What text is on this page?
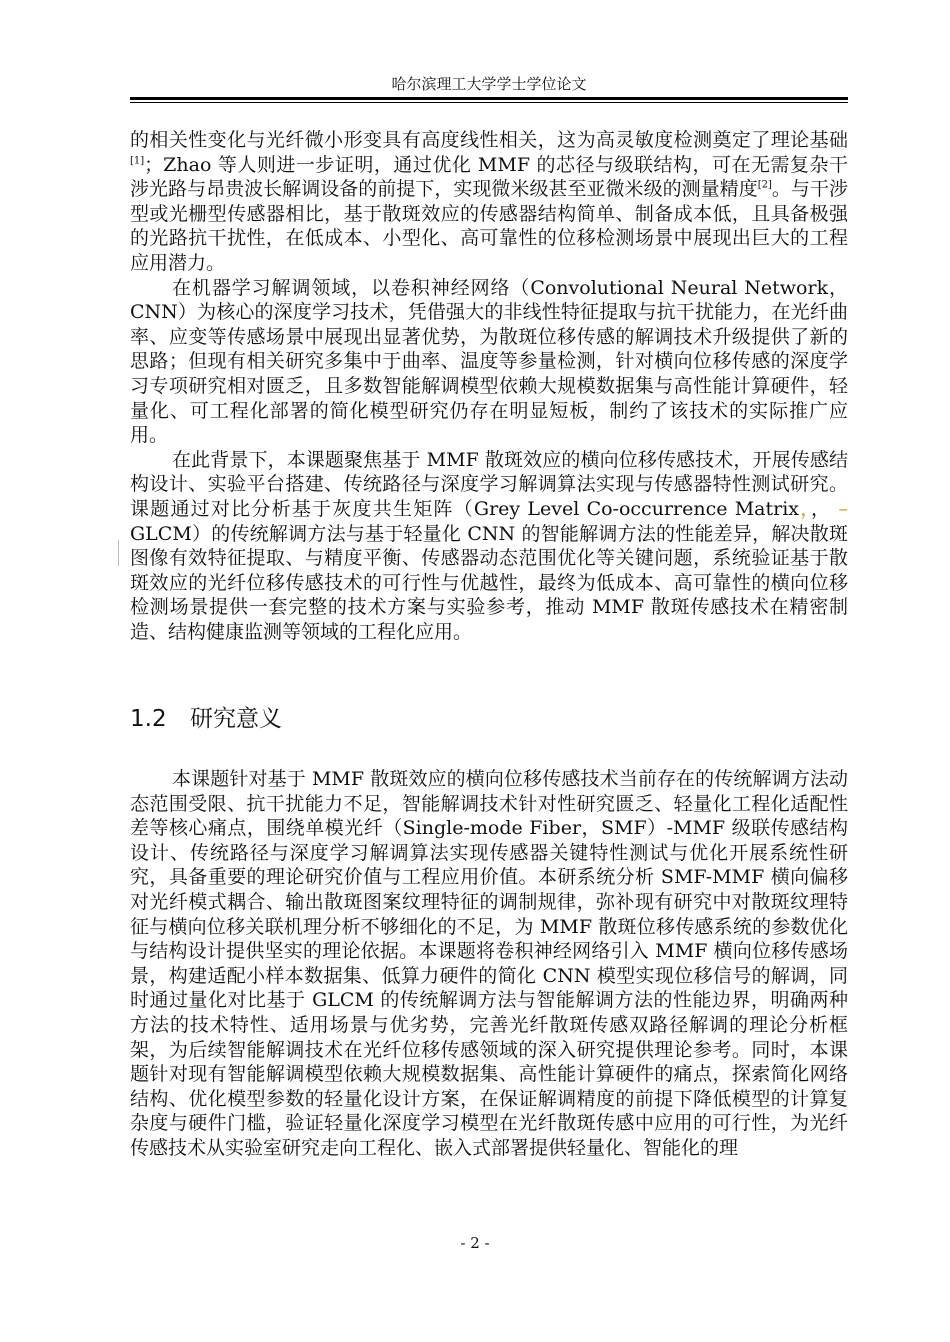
哈尔滨理工大学学士学位论文

的相关性变化与光纤微小形变具有高度线性相关，这为高灵敏度检测奠定了理论基础[1]；Zhao 等人则进一步证明，通过优化 MMF 的芯径与级联结构，可在无需复杂干涉光路与昂贵波长解调设备的前提下，实现微米级甚至亚微米级的测量精度[2]。与干涉型或光栅型传感器相比，基于散斑效应的传感器结构简单、制备成本低，且具备极强的光路抗干扰性，在低成本、小型化、高可靠性的位移检测场景中展现出巨大的工程应用潜力。

在机器学习解调领域，以卷积神经网络（Convolutional Neural Network，CNN）为核心的深度学习技术，凭借强大的非线性特征提取与抗干扰能力，在光纤曲率、应变等传感场景中展现出显著优势，为散斑位移传感的解调技术升级提供了新的思路；但现有相关研究多集中于曲率、温度等参量检测，针对横向位移传感的深度学习专项研究相对匮乏，且多数智能解调模型依赖大规模数据集与高性能计算硬件，轻量化、可工程化部署的简化模型研究仍存在明显短板，制约了该技术的实际推广应用。

在此背景下，本课题聚焦基于 MMF 散斑效应的横向位移传感技术，开展传感结构设计、实验平台搭建、传统路径与深度学习解调算法实现与传感器特性测试研究。课题通过对比分析基于灰度共生矩阵（Grey Level Co-occurrence Matrix，， –GLCM）的传统解调方法与基于轻量化 CNN 的智能解调方法的性能差异，解决散斑图像有效特征提取、与精度平衡、传感器动态范围优化等关键问题，系统验证基于散斑效应的光纤位移传感技术的可行性与优越性，最终为低成本、高可靠性的横向位移检测场景提供一套完整的技术方案与实验参考，推动 MMF 散斑传感技术在精密制造、结构健康监测等领域的工程化应用。

1.2 研究意义

本课题针对基于 MMF 散斑效应的横向位移传感技术当前存在的传统解调方法动态范围受限、抗干扰能力不足，智能解调技术针对性研究匮乏、轻量化工程化适配性差等核心痛点，围绕单模光纤（Single-mode Fiber，SMF）-MMF 级联传感结构设计、传统路径与深度学习解调算法实现传感器关键特性测试与优化开展系统性研究，具备重要的理论研究价值与工程应用价值。本研系统分析 SMF-MMF 横向偏移对光纤模式耦合、输出散斑图案纹理特征的调制规律，弥补现有研究中对散斑纹理特征与横向位移关联机理分析不够细化的不足，为 MMF 散斑位移传感系统的参数优化与结构设计提供坚实的理论依据。本课题将卷积神经网络引入 MMF 横向位移传感场景，构建适配小样本数据集、低算力硬件的简化 CNN 模型实现位移信号的解调，同时通过量化对比基于 GLCM 的传统解调方法与智能解调方法的性能边界，明确两种方法的技术特性、适用场景与优劣势，完善光纤散斑传感双路径解调的理论分析框架，为后续智能解调技术在光纤位移传感领域的深入研究提供理论参考。同时，本课题针对现有智能解调模型依赖大规模数据集、高性能计算硬件的痛点，探索简化网络结构、优化模型参数的轻量化设计方案，在保证解调精度的前提下降低模型的计算复杂度与硬件门槛，验证轻量化深度学习模型在光纤散斑传感中应用的可行性，为光纤传感技术从实验室研究走向工程化、嵌入式部署提供轻量化、智能化的理

- 2 -
